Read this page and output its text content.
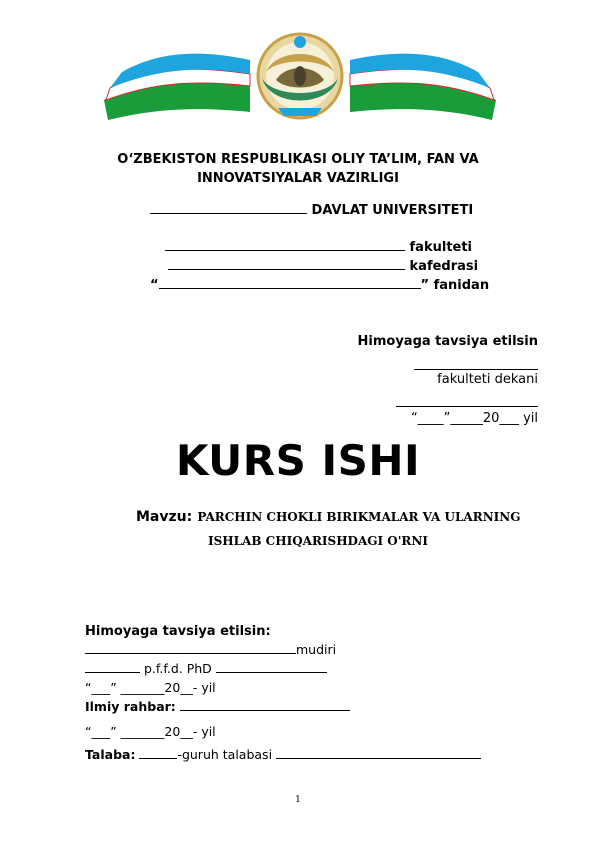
O‘ZBEKISTON RESPUBLIKASI OLIY TA’LIM, FAN VA
INNOVATSIYALAR VAZIRLIGI
DAVLAT UNIVERSITETI
fakulteti
kafedrasi
“	” fanidan
Himoyaga tavsiya etilsin
fakulteti dekani
“____”_____20___ yil
KURS ISHI
Mavzu: PARCHIN CHOKLI BIRIKMALAR VA ULARNING
ISHLAB CHIQARISHDAGI O'RNI
Himoyaga tavsiya etilsin:
mudiri
p.f.f.d. PhD
“___” _______20__- yil
Ilmiy rahbar:
“___” _______20__- yil
Talaba:	-guruh talabasi
1
